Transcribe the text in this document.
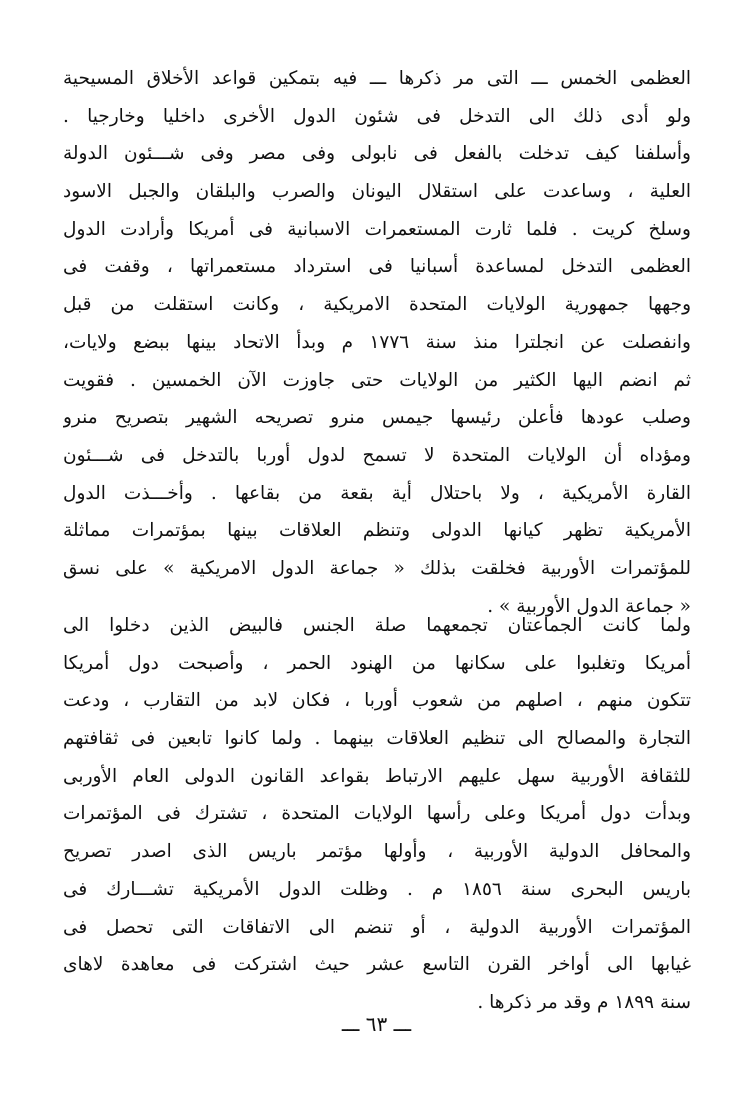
العظمى الخمس ـــ التى مر ذكرها ـــ فيه بتمكين قواعد الأخلاق المسيحية
ولو أدى ذلك الى التدخل فى شئون الدول الأخرى داخليا وخارجيا .
وأسلفنا كيف تدخلت بالفعل فى نابولى وفى مصر وفى شـــئون الدولة
العلية ، وساعدت على استقلال اليونان والصرب والبلقان والجبل الاسود
وسلخ كريت . فلما ثارت المستعمرات الاسبانية فى أمريكا وأرادت الدول
العظمى التدخل لمساعدة أسبانيا فى استرداد مستعمراتها ، وقفت فى
وجهها جمهورية الولايات المتحدة الامريكية ، وكانت استقلت من قبل
وانفصلت عن انجلترا منذ سنة ١٧٧٦ م وبدأ الاتحاد بينها ببضع ولايات،
ثم انضم اليها الكثير من الولايات حتى جاوزت الآن الخمسين . فقويت
وصلب عودها فأعلن رئيسها جيمس منرو تصريحه الشهير بتصريح منرو
ومؤداه أن الولايات المتحدة لا تسمح لدول أوربا بالتدخل فى شـــئون
القارة الأمريكية ، ولا باحتلال أية بقعة من بقاعها . وأخـــذت الدول
الأمريكية تظهر كيانها الدولى وتنظم العلاقات بينها بمؤتمرات مماثلة
للمؤتمرات الأوربية فخلقت بذلك « جماعة الدول الامريكية » على نسق
« جماعة الدول الأوربية » .
ولما كانت الجماعتان تجمعهما صلة الجنس فالبيض الذين دخلوا الى
أمريكا وتغلبوا على سكانها من الهنود الحمر ، وأصبحت دول أمريكا
تتكون منهم ، اصلهم من شعوب أوربا ، فكان لابد من التقارب ، ودعت
التجارة والمصالح الى تنظيم العلاقات بينهما . ولما كانوا تابعين فى ثقافتهم
للثقافة الأوربية سهل عليهم الارتباط بقواعد القانون الدولى العام الأوربى
وبدأت دول أمريكا وعلى رأسها الولايات المتحدة ، تشترك فى المؤتمرات
والمحافل الدولية الأوربية ، وأولها مؤتمر باريس الذى اصدر تصريح
باريس البحرى سنة ١٨٥٦ م . وظلت الدول الأمريكية تشـــارك فى
المؤتمرات الأوربية الدولية ، أو تنضم الى الاتفاقات التى تحصل فى
غيابها الى أواخر القرن التاسع عشر حيث اشتركت فى معاهدة لاهاى
سنة ١٨٩٩ م وقد مر ذكرها .
ـــ ٦٣ ـــ
